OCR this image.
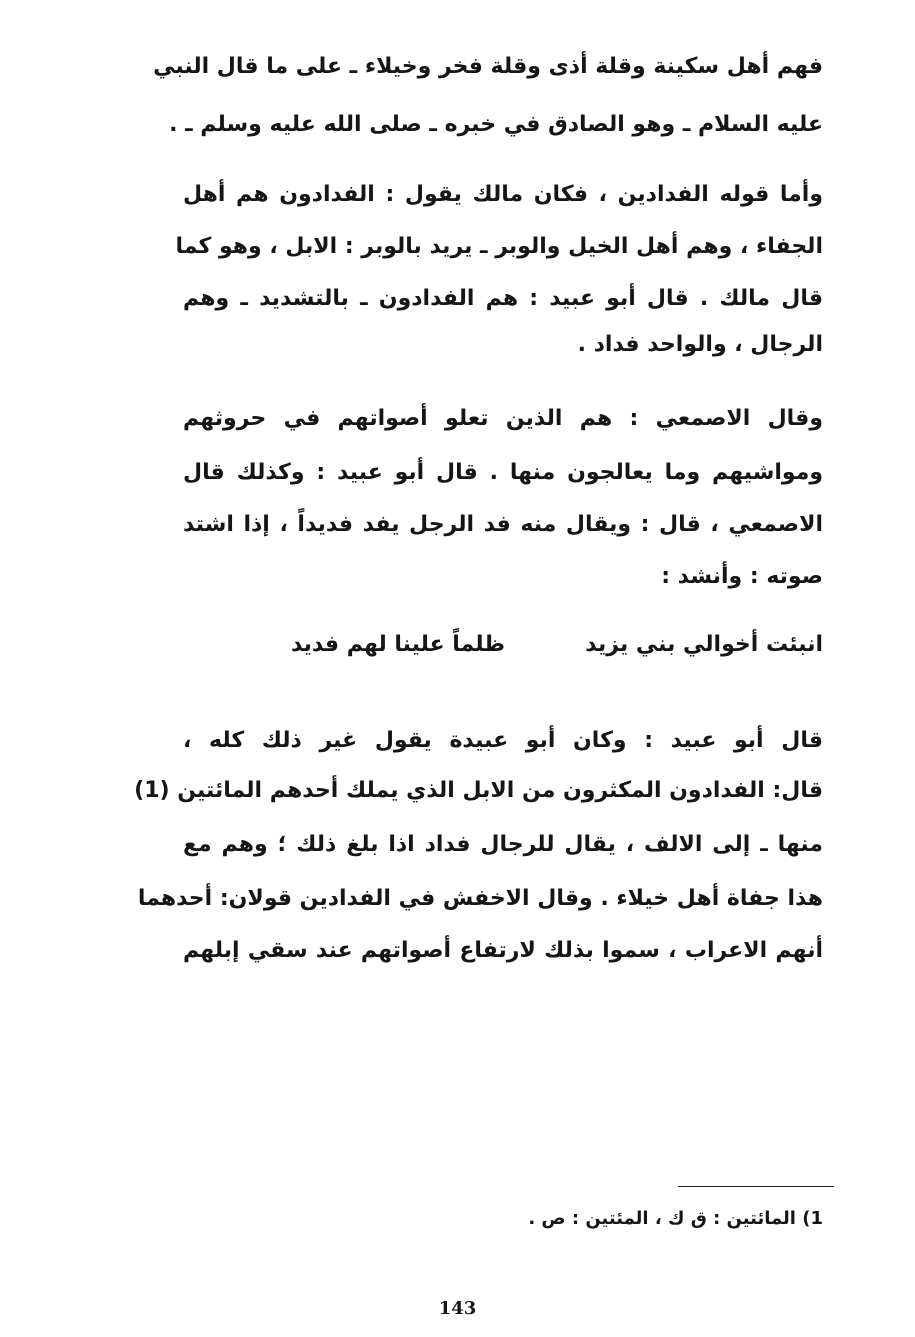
فهم أهل سكينة وقلة أذى وقلة فخر وخيلاء ـ على ما قال النبي
عليه السلام ـ وهو الصادق في خبره ـ صلى الله عليه وسلم ـ .
وأما قوله الفدادين ، فكان مالك يقول : الفدادون هم أهل
الجفاء ، وهم أهل الخيل والوبر ـ يريد بالوبر : الابل ، وهو كما
قال مالك . قال أبو عبيد : هم الفدادون ـ بالتشديد ـ وهم
الرجال ، والواحد فداد .
وقال الاصمعي : هم الذين تعلو أصواتهم في حروثهم
ومواشيهم وما يعالجون منها . قال أبو عبيد : وكذلك قال
الاصمعي ، قال : ويقال منه فد الرجل يفد فديداً ، إذا اشتد
صوته : وأنشد :
انبئت أخوالي بني يزيد
ظلماً علينا لهم فديد
قال أبو عبيد : وكان أبو عبيدة يقول غير ذلك كله ،
قال: الفدادون المكثرون من الابل الذي يملك أحدهم المائتين (1)
منها ـ إلى الالف ، يقال للرجال فداد اذا بلغ ذلك ؛ وهم مع
هذا جفاة أهل خيلاء . وقال الاخفش في الفدادين قولان: أحدهما
أنهم الاعراب ، سموا بذلك لارتفاع أصواتهم عند سقي إبلهم
1) المائتين : ق ك ، المئتين : ص .
143
